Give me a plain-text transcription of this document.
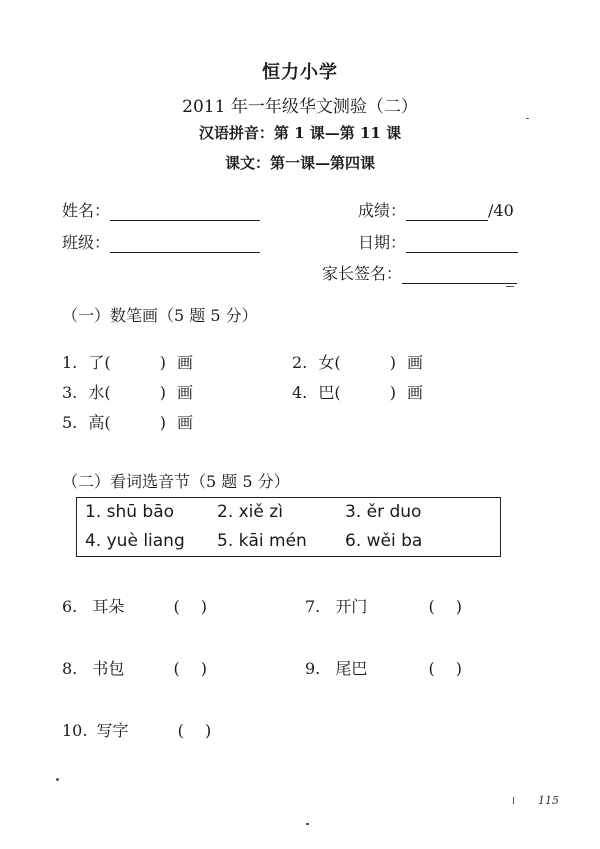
恒力小学
2011 年一年级华文测验（二）
汉语拼音：第 1 课—第 11 课
课文：第一课—第四课
姓名：	成绩：	/40
班级：	日期：
家长签名：
（一）数笔画（5 题 5 分）
1. 了(	) 画	2. 女(	) 画
3. 水(	) 画	4. 巴(	) 画
5. 高(	) 画
（二）看词选音节（5 题 5 分）
1. shū bāo	2. xiě zì	3. ěr duo
4. yuè liang 5. kāi mén 6. wěi ba
6. 耳朵	(　 )	7. 开门	(　 )
8. 书包	(　 )	9. 尾巴	(　 )
10. 写字	(　 )
115
